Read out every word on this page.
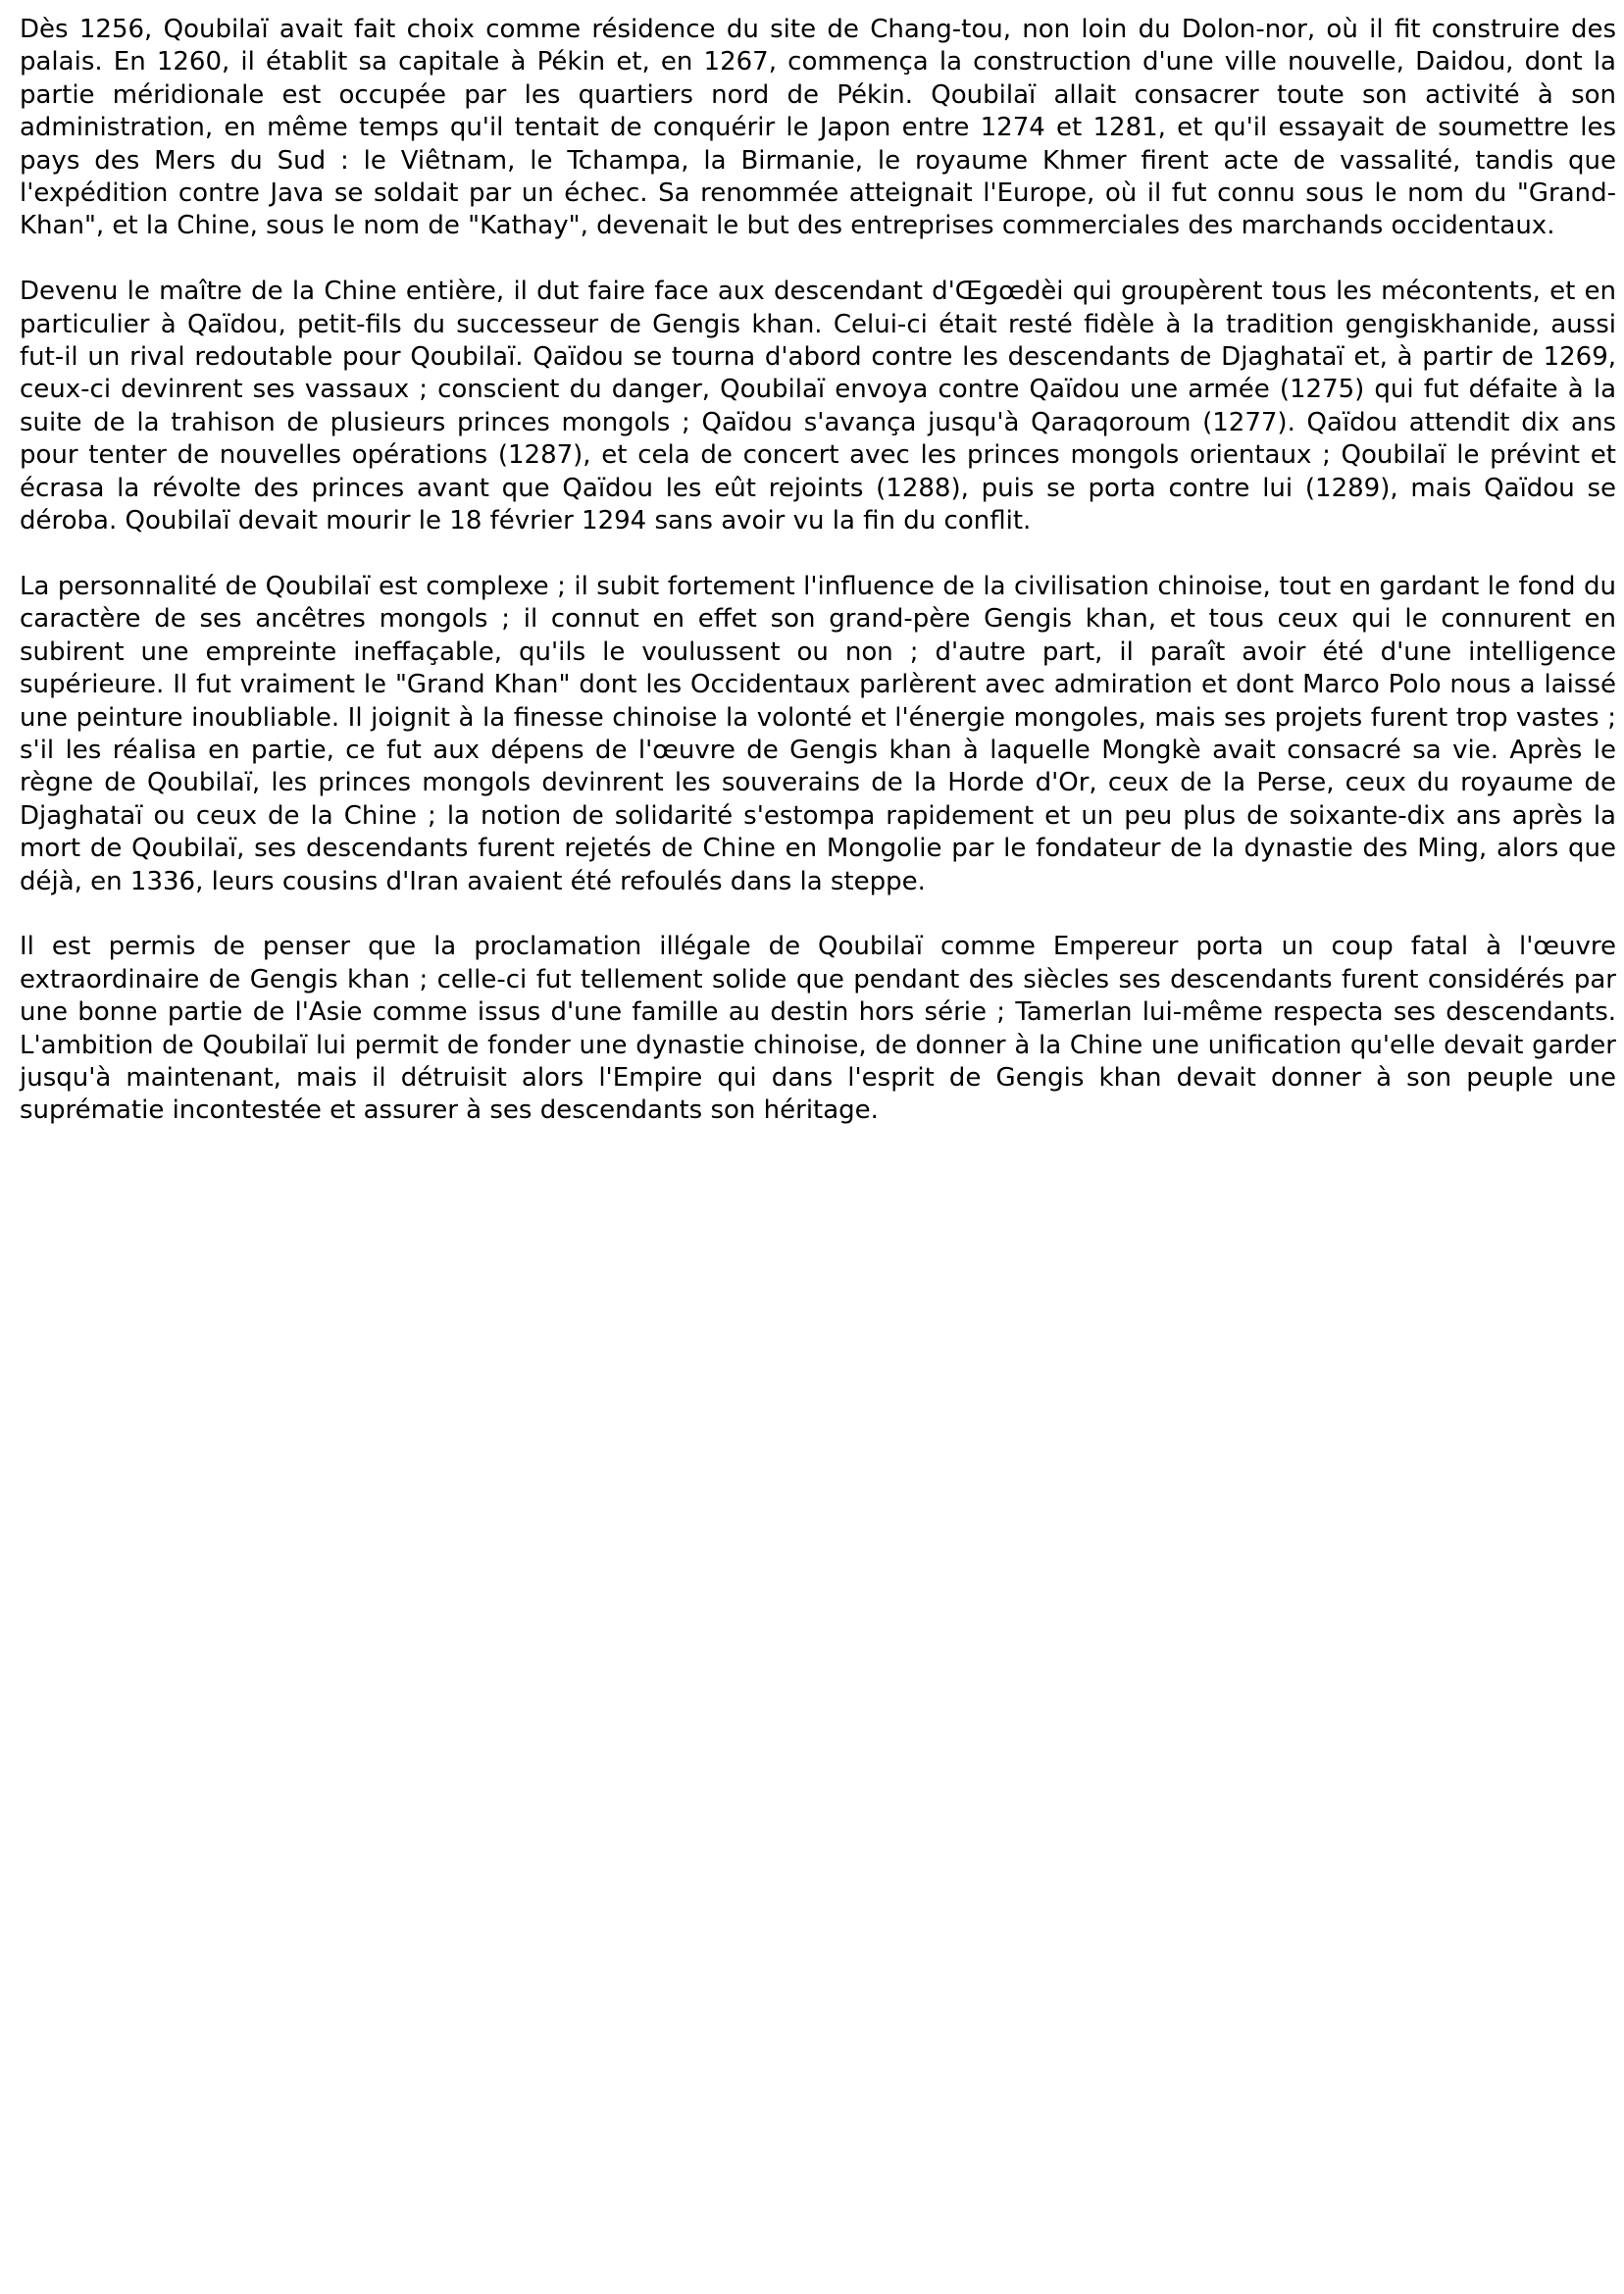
Dès 1256, Qoubilaï avait fait choix comme résidence du site de Chang-tou, non loin du Dolon-nor, où il fit construire des palais. En 1260, il établit sa capitale à Pékin et, en 1267, commença la construction d'une ville nouvelle, Daidou, dont la partie méridionale est occupée par les quartiers nord de Pékin. Qoubilaï allait consacrer toute son activité à son administration, en même temps qu'il tentait de conquérir le Japon entre 1274 et 1281, et qu'il essayait de soumettre les pays des Mers du Sud : le Viêtnam, le Tchampa, la Birmanie, le royaume Khmer firent acte de vassalité, tandis que l'expédition contre Java se soldait par un échec. Sa renommée atteignait l'Europe, où il fut connu sous le nom du "Grand-Khan", et la Chine, sous le nom de "Kathay", devenait le but des entreprises commerciales des marchands occidentaux.

Devenu le maître de la Chine entière, il dut faire face aux descendant d'Œgœdèi qui groupèrent tous les mécontents, et en particulier à Qaïdou, petit-fils du successeur de Gengis khan. Celui-ci était resté fidèle à la tradition gengiskhanide, aussi fut-il un rival redoutable pour Qoubilaï. Qaïdou se tourna d'abord contre les descendants de Djaghataï et, à partir de 1269, ceux-ci devinrent ses vassaux ; conscient du danger, Qoubilaï envoya contre Qaïdou une armée (1275) qui fut défaite à la suite de la trahison de plusieurs princes mongols ; Qaïdou s'avança jusqu'à Qaraqoroum (1277). Qaïdou attendit dix ans pour tenter de nouvelles opérations (1287), et cela de concert avec les princes mongols orientaux ; Qoubilaï le prévint et écrasa la révolte des princes avant que Qaïdou les eût rejoints (1288), puis se porta contre lui (1289), mais Qaïdou se déroba. Qoubilaï devait mourir le 18 février 1294 sans avoir vu la fin du conflit.

La personnalité de Qoubilaï est complexe ; il subit fortement l'influence de la civilisation chinoise, tout en gardant le fond du caractère de ses ancêtres mongols ; il connut en effet son grand-père Gengis khan, et tous ceux qui le connurent en subirent une empreinte ineffaçable, qu'ils le voulussent ou non ; d'autre part, il paraît avoir été d'une intelligence supérieure. Il fut vraiment le "Grand Khan" dont les Occidentaux parlèrent avec admiration et dont Marco Polo nous a laissé une peinture inoubliable. Il joignit à la finesse chinoise la volonté et l'énergie mongoles, mais ses projets furent trop vastes ; s'il les réalisa en partie, ce fut aux dépens de l'œuvre de Gengis khan à laquelle Mongkè avait consacré sa vie. Après le règne de Qoubilaï, les princes mongols devinrent les souverains de la Horde d'Or, ceux de la Perse, ceux du royaume de Djaghataï ou ceux de la Chine ; la notion de solidarité s'estompa rapidement et un peu plus de soixante-dix ans après la mort de Qoubilaï, ses descendants furent rejetés de Chine en Mongolie par le fondateur de la dynastie des Ming, alors que déjà, en 1336, leurs cousins d'Iran avaient été refoulés dans la steppe.

Il est permis de penser que la proclamation illégale de Qoubilaï comme Empereur porta un coup fatal à l'œuvre extraordinaire de Gengis khan ; celle-ci fut tellement solide que pendant des siècles ses descendants furent considérés par une bonne partie de l'Asie comme issus d'une famille au destin hors série ; Tamerlan lui-même respecta ses descendants. L'ambition de Qoubilaï lui permit de fonder une dynastie chinoise, de donner à la Chine une unification qu'elle devait garder jusqu'à maintenant, mais il détruisit alors l'Empire qui dans l'esprit de Gengis khan devait donner à son peuple une suprématie incontestée et assurer à ses descendants son héritage.
